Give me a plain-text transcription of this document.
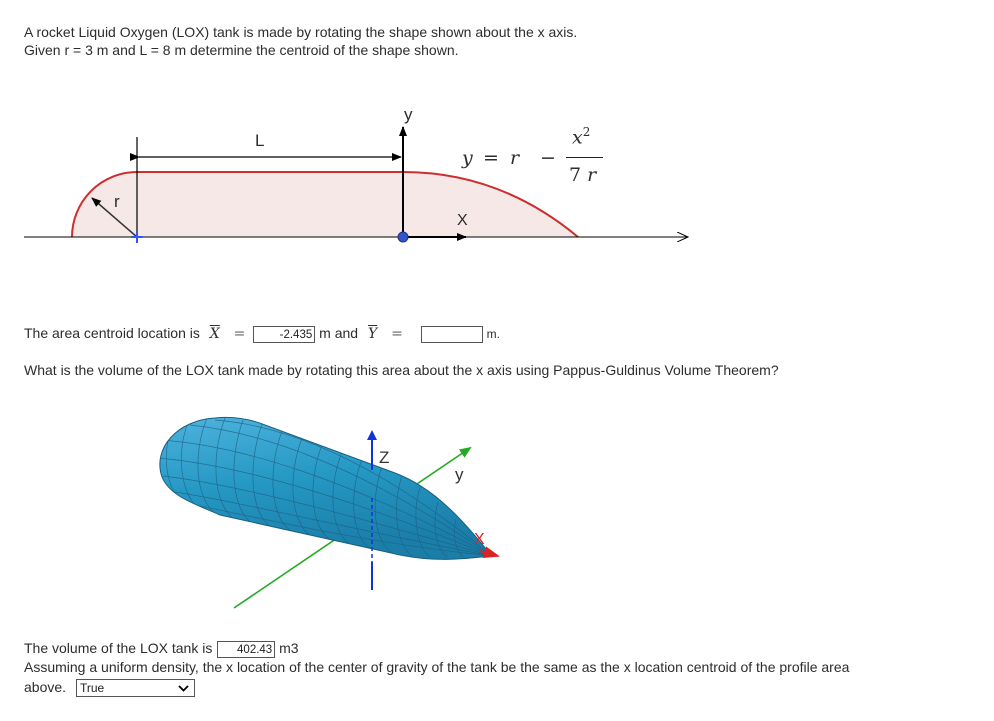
A rocket Liquid Oxygen (LOX) tank is made by rotating the shape shown about the x axis.
Given r = 3 m and L = 8 m determine the centroid of the shape shown.
L
y
r
X
y = r −
$x^2$
7 r
The area centroid location is $\overline{X}$ =	-2.435 m and $\overline{Y}$ =	m.
What is the volume of the LOX tank made by rotating this area about the x axis using Pappus-Guldinus Volume Theorem?
Z
y
X
The volume of the LOX tank is 402.43 m3
Assuming a uniform density, the x location of the center of gravity of the tank be the same as the x location centroid of the profile area
above. True
